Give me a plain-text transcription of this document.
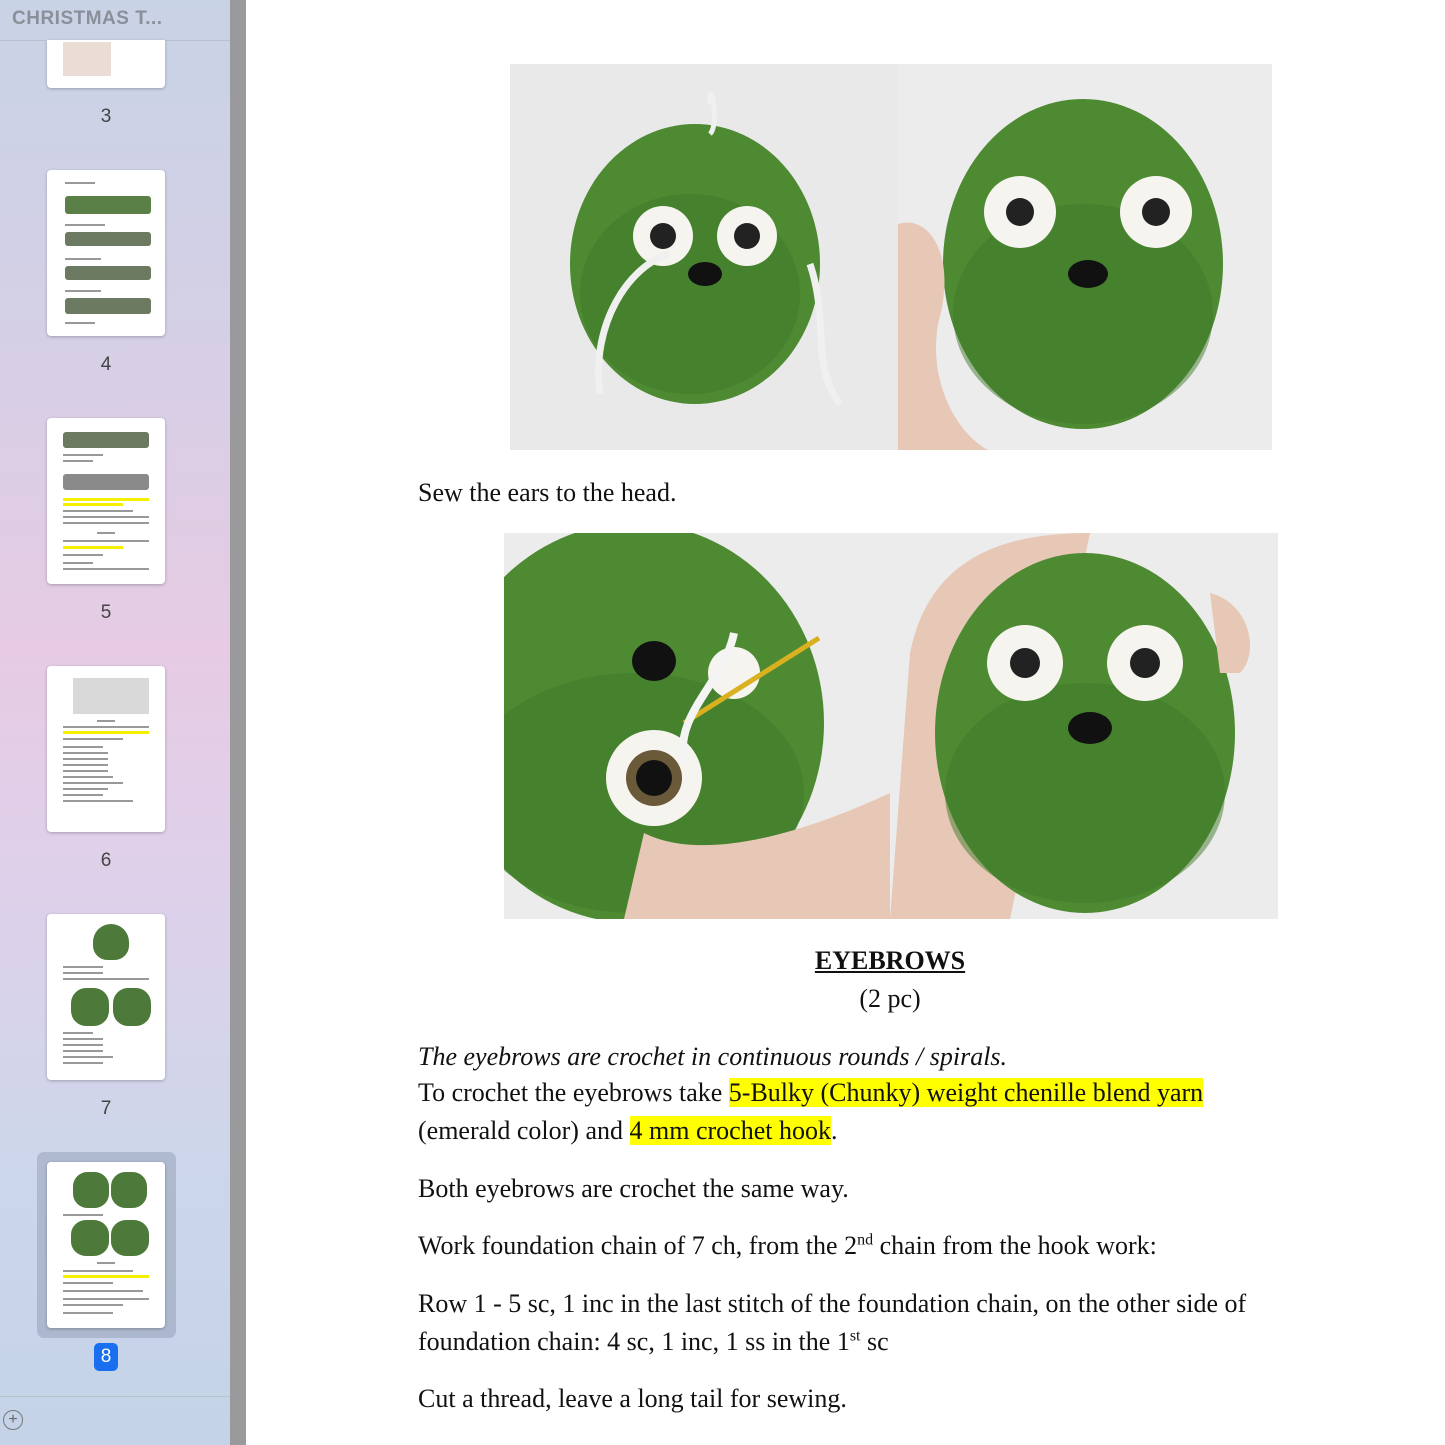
CHRISTMAS T...
3
4
5
6
7
8
+
Sew the ears to the head.
EYEBROWS
(2 pc)
The eyebrows are crochet in continuous rounds / spirals.
To crochet the eyebrows take 5-Bulky (Chunky) weight chenille blend yarn
(emerald color) and 4 mm crochet hook.
Both eyebrows are crochet the same way.
Work foundation chain of 7 ch, from the 2nd chain from the hook work:
Row 1 - 5 sc, 1 inc in the last stitch of the foundation chain, on the other side of
foundation chain: 4 sc, 1 inc, 1 ss in the 1st sc
Cut a thread, leave a long tail for sewing.
